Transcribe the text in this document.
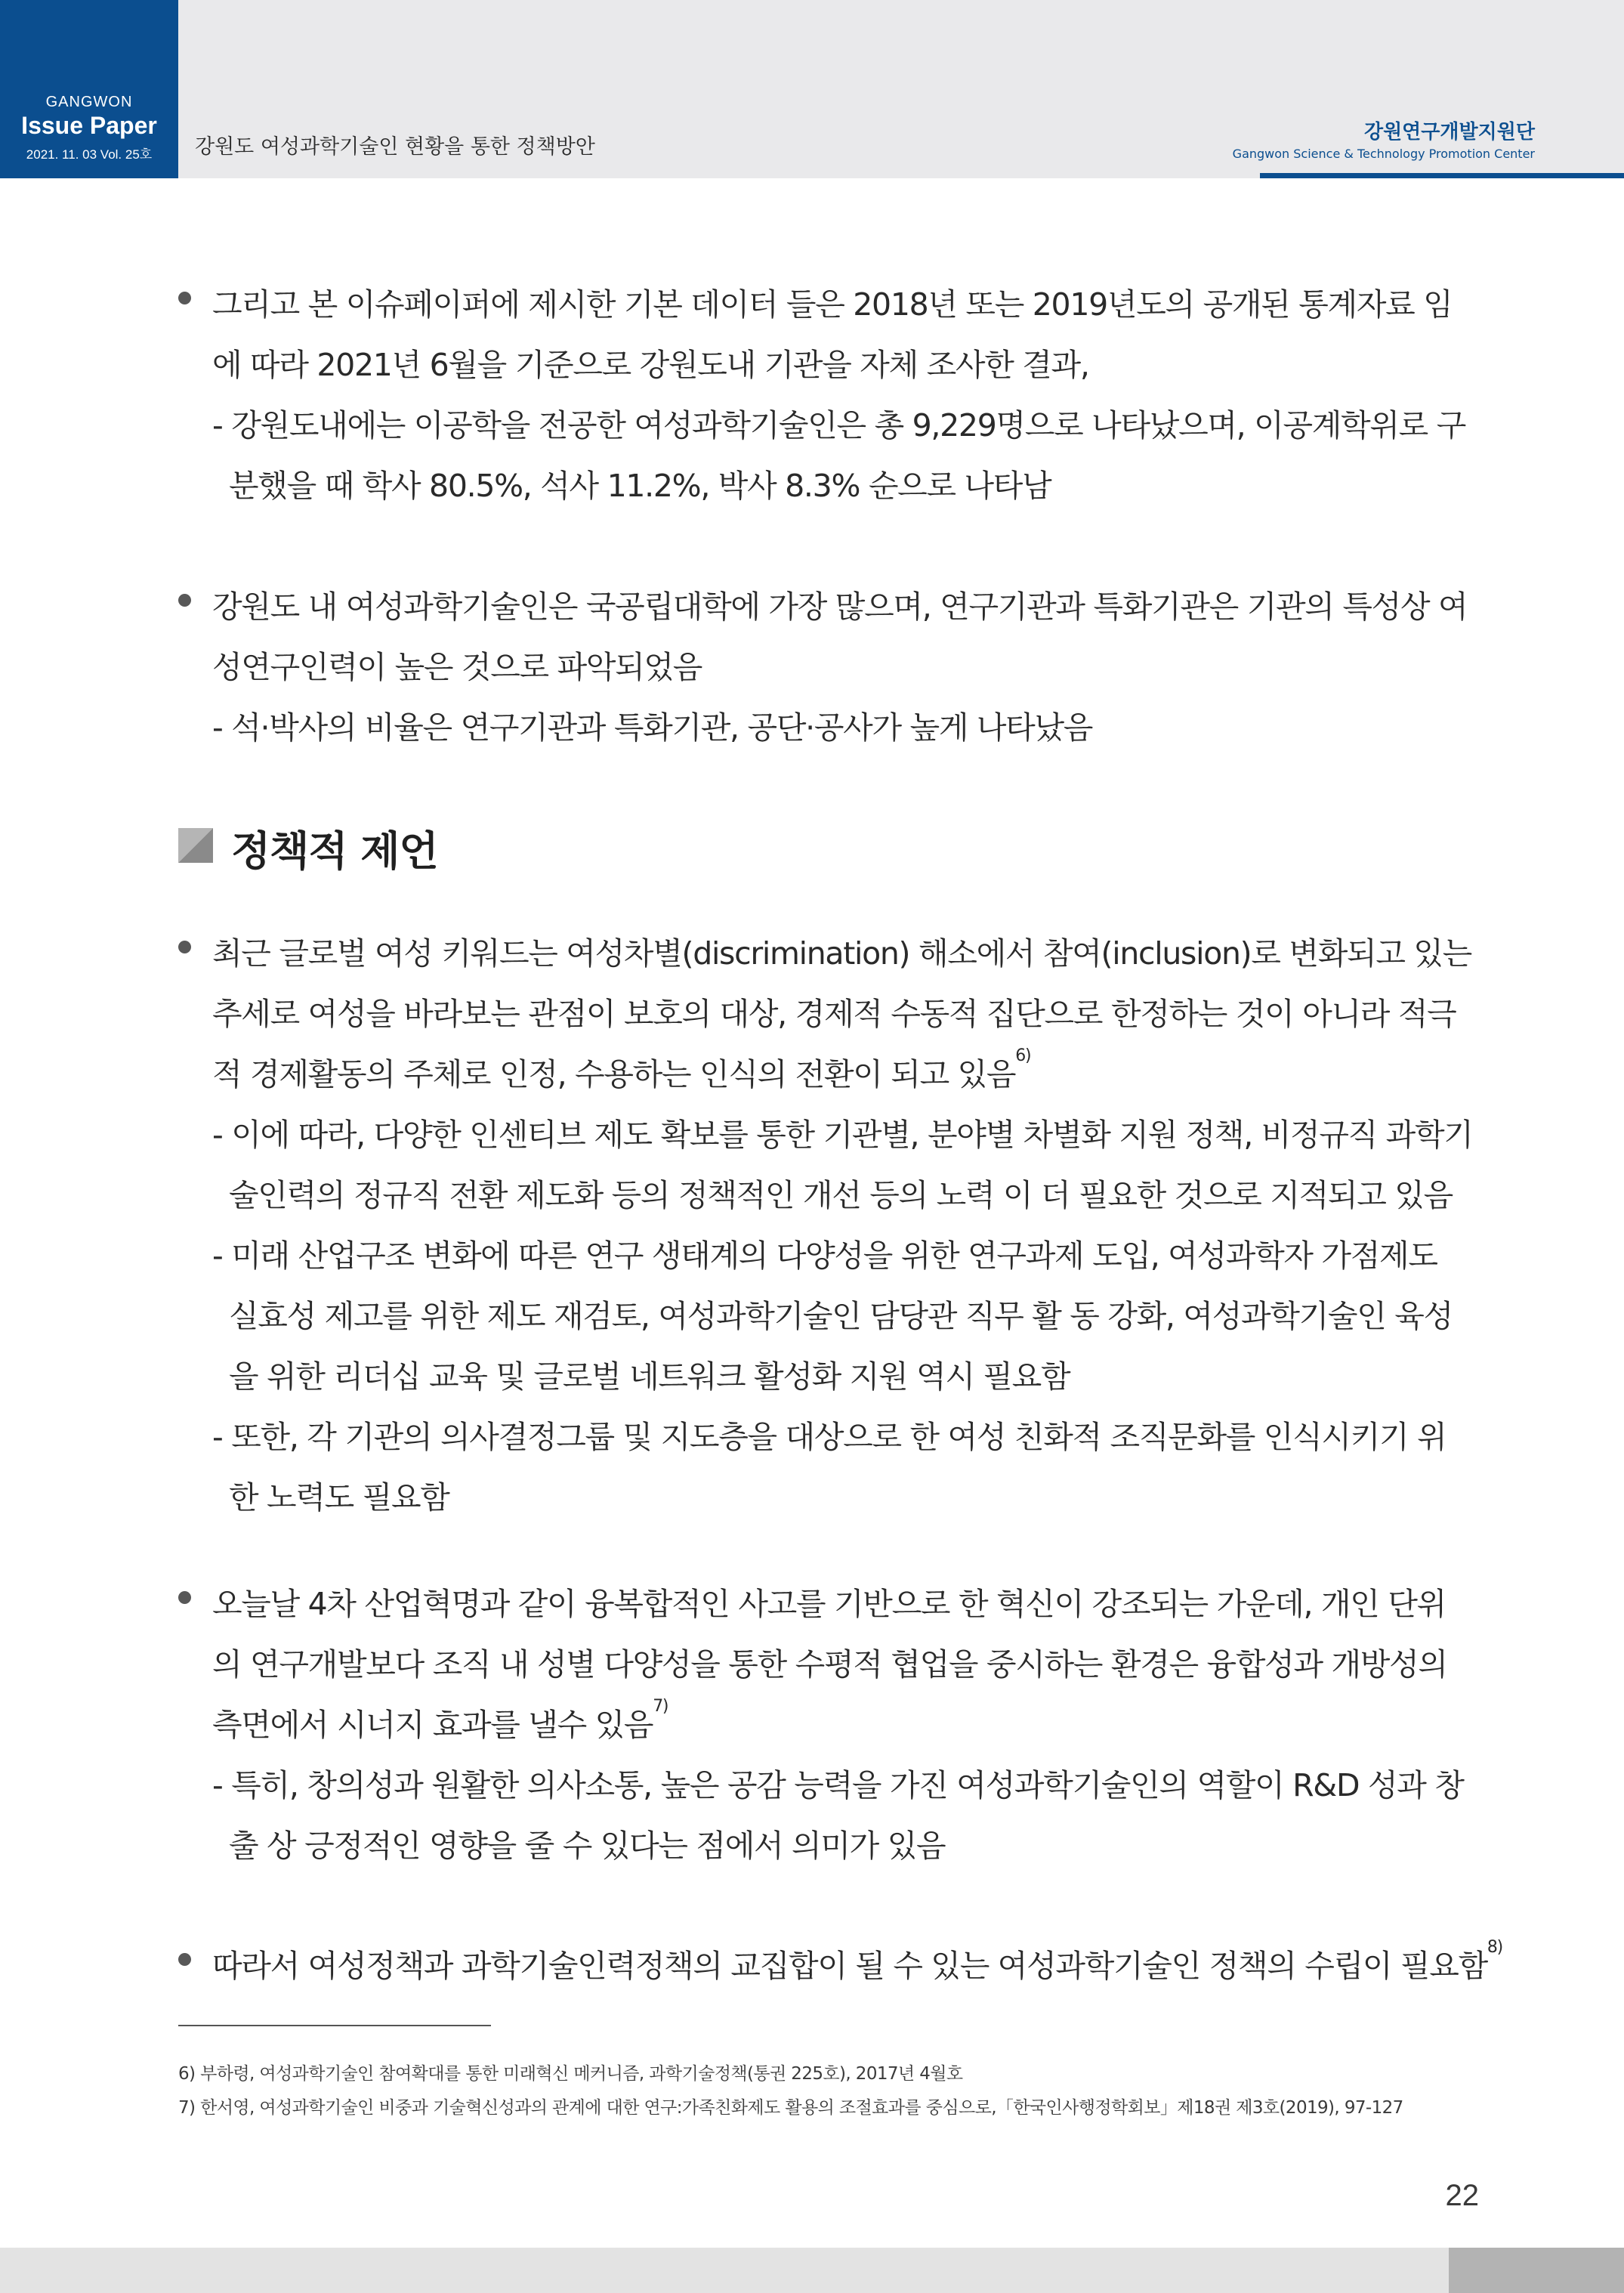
GANGWON
Issue Paper
2021. 11. 03 Vol. 25호	강원도 여성과학기술인 현황을 통한 정책방안
강원연구개발지원단
Gangwon Science & Technology Promotion Center
그리고 본 이슈페이퍼에 제시한 기본 데이터 들은 2018년 또는 2019년도의 공개된 통계자료 임
에 따라 2021년 6월을 기준으로 강원도내 기관을 자체 조사한 결과,
- 강원도내에는 이공학을 전공한 여성과학기술인은 총 9,229명으로 나타났으며, 이공계학위로 구
분했을 때 학사 80.5%, 석사 11.2%, 박사 8.3% 순으로 나타남
강원도 내 여성과학기술인은 국공립대학에 가장 많으며, 연구기관과 특화기관은 기관의 특성상 여
성연구인력이 높은 것으로 파악되었음
- 석·박사의 비율은 연구기관과 특화기관, 공단·공사가 높게 나타났음
정책적 제언
최근 글로벌 여성 키워드는 여성차별(discrimination) 해소에서 참여(inclusion)로 변화되고 있는
추세로 여성을 바라보는 관점이 보호의 대상, 경제적 수동적 집단으로 한정하는 것이 아니라 적극
적 경제활동의 주체로 인정, 수용하는 인식의 전환이 되고 있음$^{6)}$
- 이에 따라, 다양한 인센티브 제도 확보를 통한 기관별, 분야별 차별화 지원 정책, 비정규직 과학기
술인력의 정규직 전환 제도화 등의 정책적인 개선 등의 노력 이 더 필요한 것으로 지적되고 있음
- 미래 산업구조 변화에 따른 연구 생태계의 다양성을 위한 연구과제 도입, 여성과학자 가점제도
실효성 제고를 위한 제도 재검토, 여성과학기술인 담당관 직무 활 동 강화, 여성과학기술인 육성
을 위한 리더십 교육 및 글로벌 네트워크 활성화 지원 역시 필요함
- 또한, 각 기관의 의사결정그룹 및 지도층을 대상으로 한 여성 친화적 조직문화를 인식시키기 위
한 노력도 필요함
오늘날 4차 산업혁명과 같이 융복합적인 사고를 기반으로 한 혁신이 강조되는 가운데, 개인 단위
의 연구개발보다 조직 내 성별 다양성을 통한 수평적 협업을 중시하는 환경은 융합성과 개방성의
측면에서 시너지 효과를 낼수 있음$^{7)}$
- 특히, 창의성과 원활한 의사소통, 높은 공감 능력을 가진 여성과학기술인의 역할이 R&D 성과 창
출 상 긍정적인 영향을 줄 수 있다는 점에서 의미가 있음
따라서 여성정책과 과학기술인력정책의 교집합이 될 수 있는 여성과학기술인 정책의 수립이 필요함$^{8)}$
6) 부하령, 여성과학기술인 참여확대를 통한 미래혁신 메커니즘, 과학기술정책(통권 225호), 2017년 4월호
7) 한서영, 여성과학기술인 비중과 기술혁신성과의 관계에 대한 연구:가족친화제도 활용의 조절효과를 중심으로,「한국인사행정학회보」제18권 제3호(2019), 97-127
22
